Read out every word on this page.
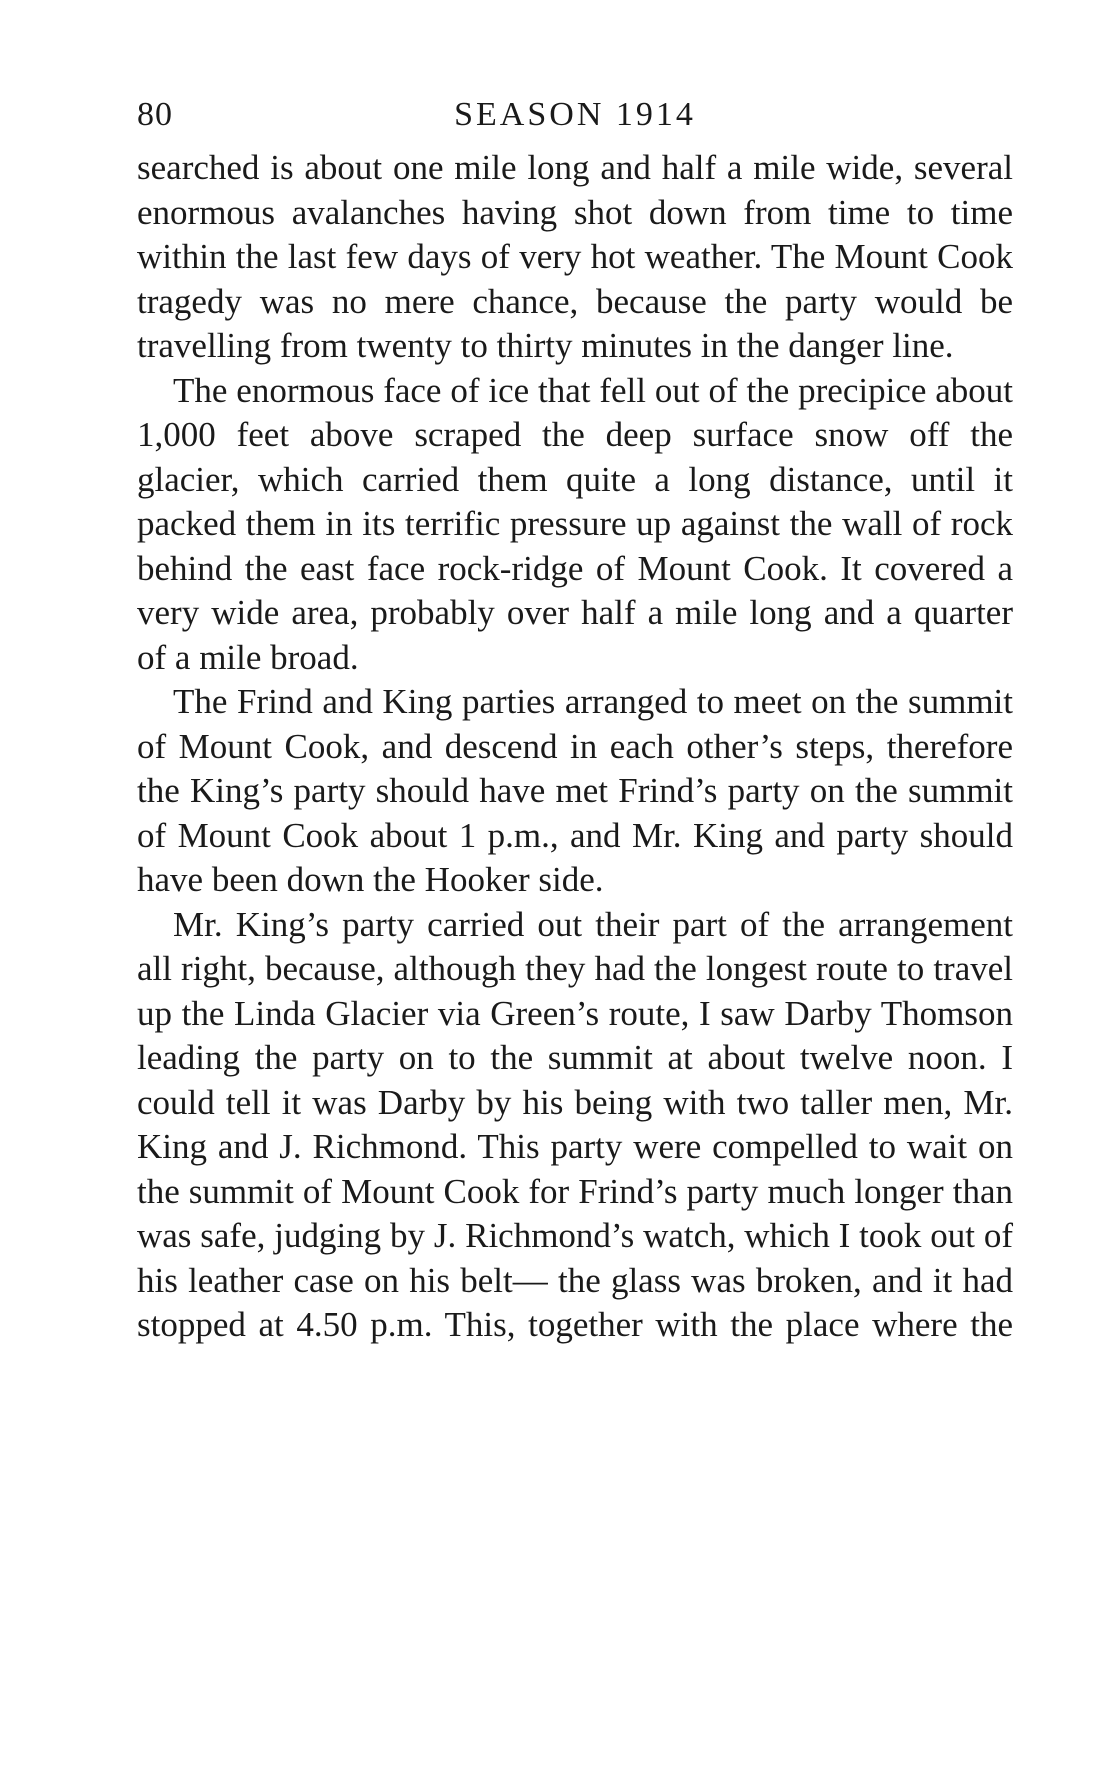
80	SEASON 1914

searched is about one mile long and half a mile wide, several enormous avalanches having shot down from time to time within the last few days of very hot weather. The Mount Cook tragedy was no mere chance, because the party would be travelling from twenty to thirty minutes in the danger line.

The enormous face of ice that fell out of the precipice about 1,000 feet above scraped the deep surface snow off the glacier, which carried them quite a long distance, until it packed them in its terrific pressure up against the wall of rock behind the east face rock-ridge of Mount Cook. It covered a very wide area, probably over half a mile long and a quarter of a mile broad.

The Frind and King parties arranged to meet on the summit of Mount Cook, and descend in each other’s steps, therefore the King’s party should have met Frind’s party on the summit of Mount Cook about 1 p.m., and Mr. King and party should have been down the Hooker side.

Mr. King’s party carried out their part of the arrangement all right, because, although they had the longest route to travel up the Linda Glacier via Green’s route, I saw Darby Thomson leading the party on to the summit at about twelve noon. I could tell it was Darby by his being with two taller men, Mr. King and J. Richmond. This party were compelled to wait on the summit of Mount Cook for Frind’s party much longer than was safe, judging by J. Richmond’s watch, which I took out of his leather case on his belt— the glass was broken, and it had stopped at 4.50 p.m. This, together with the place where the
